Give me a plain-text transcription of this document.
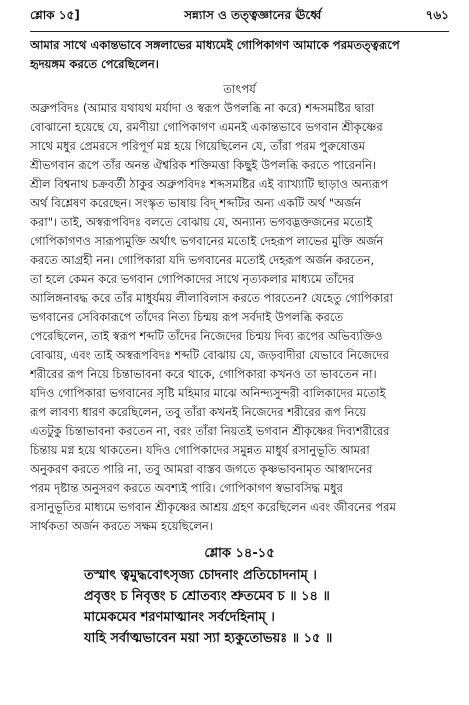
শ্লোক ১৫]	সন্ন্যাস ও তত্ত্বজ্ঞানের ঊর্ধ্বে	৭৬১
আমার সাথে একান্তভাবে সঙ্গলাভের মাধ্যমেই গোপিকাগণ আমাকে পরমতত্ত্বরূপে
হৃদয়ঙ্গম করতে পেরেছিলেন।
তাৎপর্য
অব্রুপবিদঃ (আমার যথাযথ মর্যাদা ও স্বরূপ উপলব্ধি না করে) শব্দসমষ্টির দ্বারা
বোঝানো হয়েছে যে, রমণীয়া গোপিকাগণ এমনই একান্তভাবে ভগবান শ্রীকৃষ্ণের
সাথে মধুর প্রেমরসে পরিপূর্ণ মগ্ন হয়ে গিয়েছিলেন যে, তাঁরা পরম পুরুষোত্তম
শ্রীভগবান রূপে তাঁর অনন্ত ঐশ্বরিক শক্তিমত্তা কিছুই উপলব্ধি করতে পারেননি।
শ্রীল বিশ্বনাথ চক্রবর্তী ঠাকুর অব্রুপবিদঃ শব্দসমষ্টির এই ব্যাখ্যাটি ছাড়াও অন্যরূপ
অর্থ বিশ্লেষণ করেছেন। সংস্কৃত ভাষায় বিদ্ শব্দটির অন্য একটি অর্থ "অর্জন
করা"। তাই, অস্বরূপবিদঃ বলতে বোঝায় যে, অন্যান্য ভগবদ্ভক্তজনের মতোই
গোপিকাগণও সারূপ্যমুক্তি অর্থাৎ ভগবানের মতোই দেহরূপ লাভের মুক্তি অর্জন
করতে আগ্রহী নন। গোপিকারা যদি ভগবানের মতোই দেহরূপ অর্জন করতেন,
তা হলে কেমন করে ভগবান গোপিকাদের সাথে নৃত্যকলার মাধ্যমে তাঁদের
আলিঙ্গনাবদ্ধ করে তাঁর মাধুর্যময় লীলাবিলাস করতে পারতেন? যেহেতু গোপিকারা
ভগবানের সেবিকারূপে তাঁদের নিত্য চিন্ময় রূপ সর্বদাই উপলব্ধি করতে
পেরেছিলেন, তাই স্বরূপ শব্দটি তাঁদের নিজেদের চিন্ময় দিব্য রূপের অভিব্যক্তিও
বোঝায়, এবং তাই অস্বরূপবিদঃ শব্দটি বোঝায় যে, জড়বাদীরা যেভাবে নিজেদের
শরীরের রূপ নিয়ে চিন্তাভাবনা করে থাকে, গোপিকারা কখনও তা ভাবতেন না।
যদিও গোপিকারা ভগবানের সৃষ্টি মহিমার মাঝে অনিন্দ্যসুন্দরী বালিকাদের মতোই
রূপ লাবণ্য ধারণ করেছিলেন, তবু তাঁরা কখনই নিজেদের শরীরের রূপ নিয়ে
এতটুকু চিন্তাভাবনা করতেন না, বরং তাঁরা নিয়তই ভগবান শ্রীকৃষ্ণের দিব্যশরীরের
চিন্তায় মগ্ন হয়ে থাকতেন। যদিও গোপিকাদের সমুন্নত মাধুর্য রসানুভূতি আমরা
অনুকরণ করতে পারি না, তবু আমরা বাস্তব জগতে কৃষ্ণভাবনামৃত আস্বাদনের
পরম দৃষ্টান্ত অনুসরণ করতে অবশ্যই পারি। গোপিকাগণ স্বভাবসিদ্ধ মধুর
রসানুভূতির মাধ্যমে ভগবান শ্রীকৃষ্ণের আশ্রয় গ্রহণ করেছিলেন এবং জীবনের পরম
সার্থকতা অর্জন করতে সক্ষম হয়েছিলেন।
শ্লোক ১৪-১৫
তস্মাৎ ত্বমুদ্ধবোৎসৃজ্য চোদনাং প্রতিচোদনাম্ ।
প্রবৃত্তং চ নিবৃত্তং চ শ্রোতব্যং শ্রুতমেব চ ॥ ১৪ ॥
মামেকমেব শরণমাত্মানং সর্বদেহিনাম্ ।
যাহি সর্বাত্মভাবেন ময়া স্যা হ্যকুতোভয়ঃ ॥ ১৫ ॥
